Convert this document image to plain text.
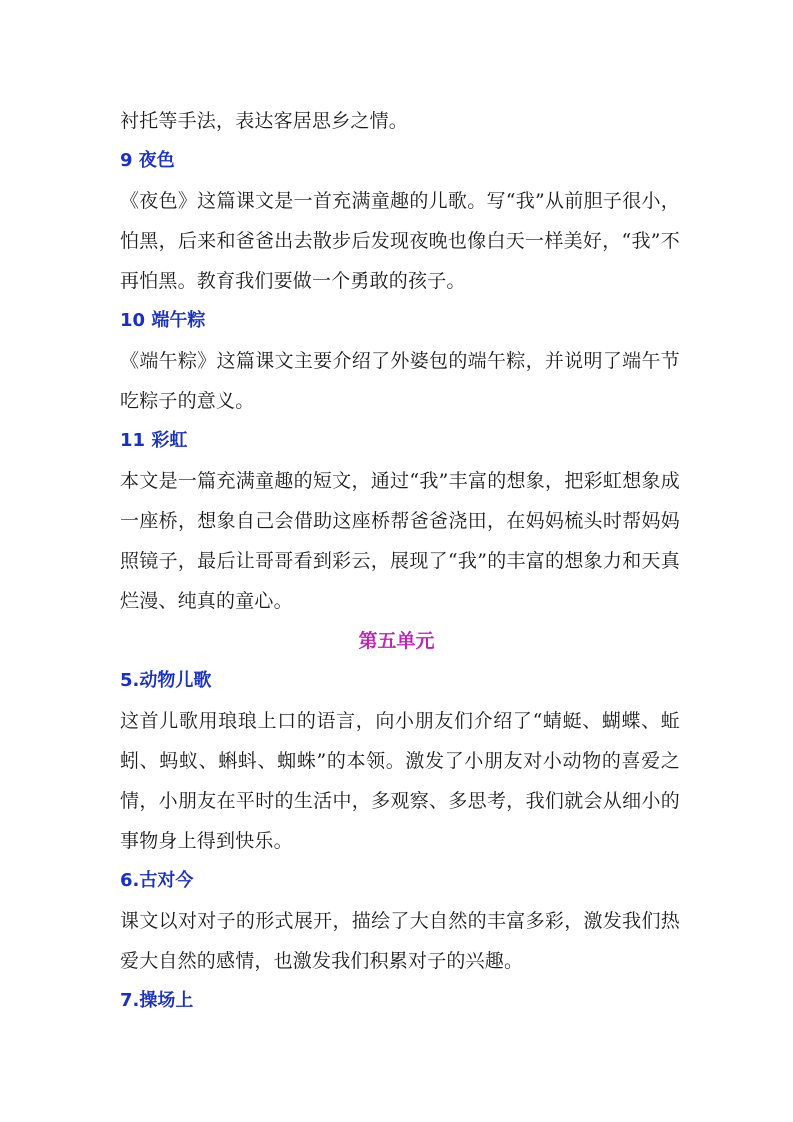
衬托等手法，表达客居思乡之情。

9 夜色

《夜色》这篇课文是一首充满童趣的儿歌。写“我”从前胆子很小，怕黑，后来和爸爸出去散步后发现夜晚也像白天一样美好，“我”不再怕黑。教育我们要做一个勇敢的孩子。

10 端午粽

《端午粽》这篇课文主要介绍了外婆包的端午粽，并说明了端午节吃粽子的意义。

11 彩虹

本文是一篇充满童趣的短文，通过“我”丰富的想象，把彩虹想象成一座桥，想象自己会借助这座桥帮爸爸浇田，在妈妈梳头时帮妈妈照镜子，最后让哥哥看到彩云，展现了“我”的丰富的想象力和天真烂漫、纯真的童心。

第五单元
5.动物儿歌

这首儿歌用琅琅上口的语言，向小朋友们介绍了“蜻蜓、蝴蝶、蚯蚓、蚂蚁、蝌蚪、蜘蛛”的本领。激发了小朋友对小动物的喜爱之情，小朋友在平时的生活中，多观察、多思考，我们就会从细小的事物身上得到快乐。

6.古对今

课文以对对子的形式展开，描绘了大自然的丰富多彩，激发我们热爱大自然的感情，也激发我们积累对子的兴趣。

7.操场上
